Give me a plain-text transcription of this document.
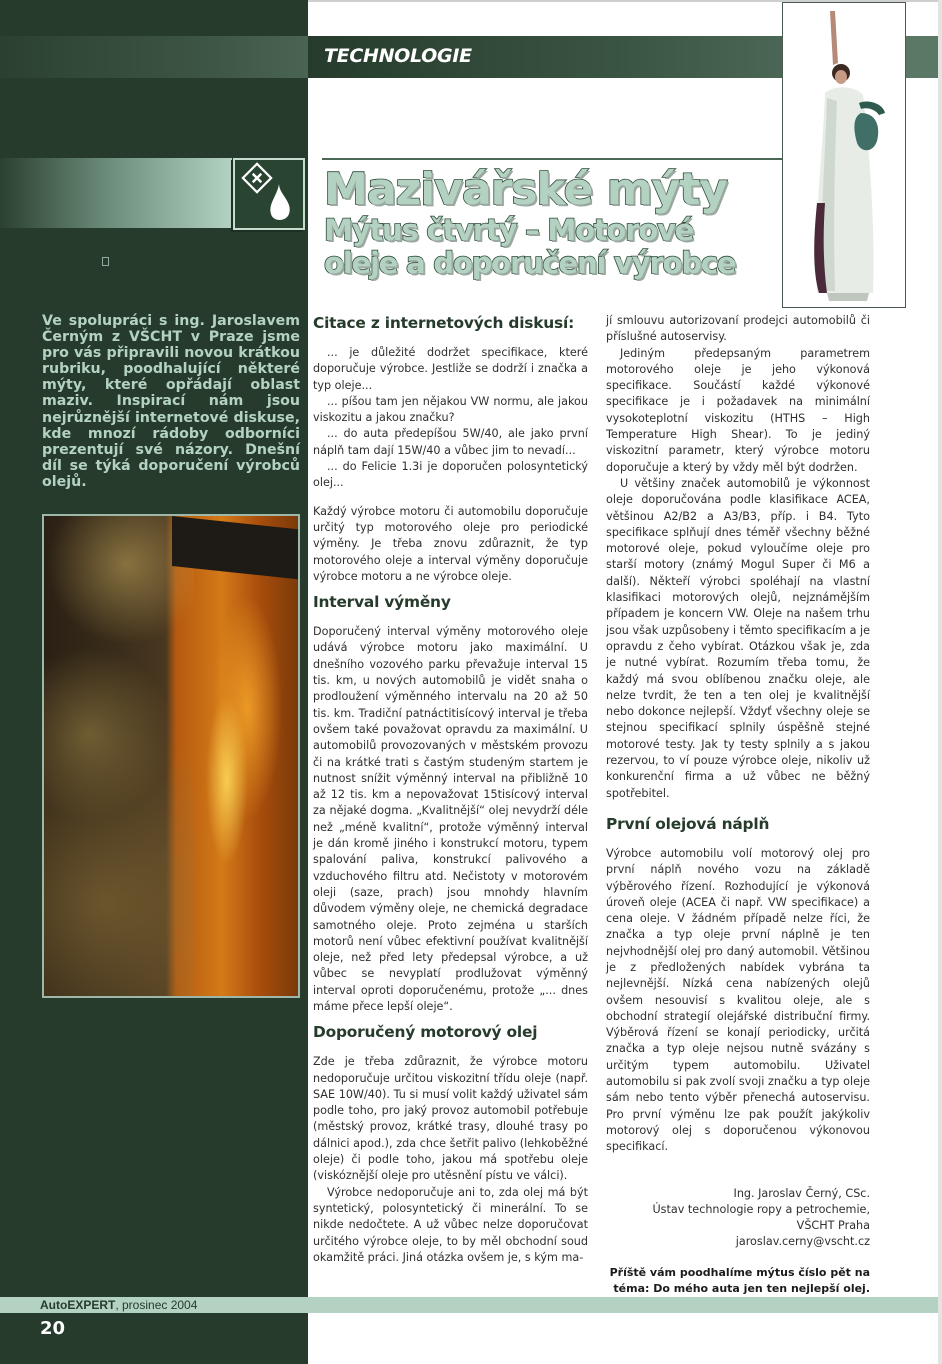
TECHNOLOGIE
Mazivářské mýty
Mýtus čtvrtý – Motorové
oleje a doporučení výrobce
Ve spolupráci s ing. Jaroslavem Černým z VŠCHT v Praze jsme pro vás připravili novou krátkou rubriku, poodhalující některé mýty, které opřádají oblast maziv. Inspirací nám jsou nejrůznější internetové diskuse, kde mnozí rádoby odborníci prezentují své názory. Dnešní díl se týká doporučení výrobců olejů.
Citace z internetových diskusí:

... je důležité dodržet specifikace, které doporučuje výrobce. Jestliže se dodrží i značka a typ oleje...

... píšou tam jen nějakou VW normu, ale jakou viskozitu a jakou značku?

... do auta předepíšou 5W/40, ale jako první náplň tam dají 15W/40 a vůbec jim to nevadí...

... do Felicie 1.3i je doporučen polosyntetický olej...

Každý výrobce motoru či automobilu doporučuje určitý typ motorového oleje pro periodické výměny. Je třeba znovu zdůraznit, že typ motorového oleje a interval výměny doporučuje výrobce motoru a ne výrobce oleje.

Interval výměny

Doporučený interval výměny motorového oleje udává výrobce motoru jako maximální. U dnešního vozového parku převažuje interval 15 tis. km, u nových automobilů je vidět snaha o prodloužení výměnného intervalu na 20 až 50 tis. km. Tradiční patnáctitisícový interval je třeba ovšem také považovat opravdu za maximální. U automobilů provozovaných v městském provozu či na krátké trati s častým studeným startem je nutnost snížit výměnný interval na přibližně 10 až 12 tis. km a nepovažovat 15tisícový interval za nějaké dogma. „Kvalitnější“ olej nevydrží déle než „méně kvalitní“, protože výměnný interval je dán kromě jiného i konstrukcí motoru, typem spalování paliva, konstrukcí palivového a vzduchového filtru atd. Nečistoty v motorovém oleji (saze, prach) jsou mnohdy hlavním důvodem výměny oleje, ne chemická degradace samotného oleje. Proto zejména u starších motorů není vůbec efektivní používat kvalitnější oleje, než před lety předepsal výrobce, a už vůbec se nevyplatí prodlužovat výměnný interval oproti doporučenému, protože „... dnes máme přece lepší oleje“.

Doporučený motorový olej

Zde je třeba zdůraznit, že výrobce motoru nedoporučuje určitou viskozitní třídu oleje (např. SAE 10W/40). Tu si musí volit každý uživatel sám podle toho, pro jaký provoz automobil potřebuje (městský provoz, krátké trasy, dlouhé trasy po dálnici apod.), zda chce šetřit palivo (lehkoběžné oleje) či podle toho, jakou má spotřebu oleje (viskóznější oleje pro utěsnění pístu ve válci).

Výrobce nedoporučuje ani to, zda olej má být syntetický, polosyntetický či minerální. To se nikde nedočtete. A už vůbec nelze doporučovat určitého výrobce oleje, to by měl obchodní soud okamžitě práci. Jiná otázka ovšem je, s kým ma-

jí smlouvu autorizovaní prodejci automobilů či příslušné autoservisy.

Jediným předepsaným parametrem motorového oleje je jeho výkonová specifikace. Součástí každé výkonové specifikace je i požadavek na minimální vysokoteplotní viskozitu (HTHS – High Temperature High Shear). To je jediný viskozitní parametr, který výrobce motoru doporučuje a který by vždy měl být dodržen.

U většiny značek automobilů je výkonnost oleje doporučována podle klasifikace ACEA, většinou A2/B2 a A3/B3, příp. i B4. Tyto specifikace splňují dnes téměř všechny běžné motorové oleje, pokud vyloučíme oleje pro starší motory (známý Mogul Super či M6 a další). Někteří výrobci spoléhají na vlastní klasifikaci motorových olejů, nejznámějším případem je koncern VW. Oleje na našem trhu jsou však uzpůsobeny i těmto specifikacím a je opravdu z čeho vybírat. Otázkou však je, zda je nutné vybírat. Rozumím třeba tomu, že každý má svou oblíbenou značku oleje, ale nelze tvrdit, že ten a ten olej je kvalitnější nebo dokonce nejlepší. Vždyť všechny oleje se stejnou specifikací splnily úspěšně stejné motorové testy. Jak ty testy splnily a s jakou rezervou, to ví pouze výrobce oleje, nikoliv už konkurenční firma a už vůbec ne běžný spotřebitel.

První olejová náplň

Výrobce automobilu volí motorový olej pro první náplň nového vozu na základě výběrového řízení. Rozhodující je výkonová úroveň oleje (ACEA či např. VW specifikace) a cena oleje. V žádném případě nelze říci, že značka a typ oleje první náplně je ten nejvhodnější olej pro daný automobil. Většinou je z předložených nabídek vybrána ta nejlevnější. Nízká cena nabízených olejů ovšem nesouvisí s kvalitou oleje, ale s obchodní strategií olejářské distribuční firmy. Výběrová řízení se konají periodicky, určitá značka a typ oleje nejsou nutně svázány s určitým typem automobilu. Uživatel automobilu si pak zvolí svoji značku a typ oleje sám nebo tento výběr přenechá autoservisu. Pro první výměnu lze pak použít jakýkoliv motorový olej s doporučenou výkonovou specifikací.

Ing. Jaroslav Černý, CSc.
Ústav technologie ropy a petrochemie,
VŠCHT Praha
jaroslav.cerny@vscht.cz
Příště vám poodhalíme mýtus číslo pět na
téma: Do mého auta jen ten nejlepší olej.
AutoEXPERT, prosinec 2004
20
